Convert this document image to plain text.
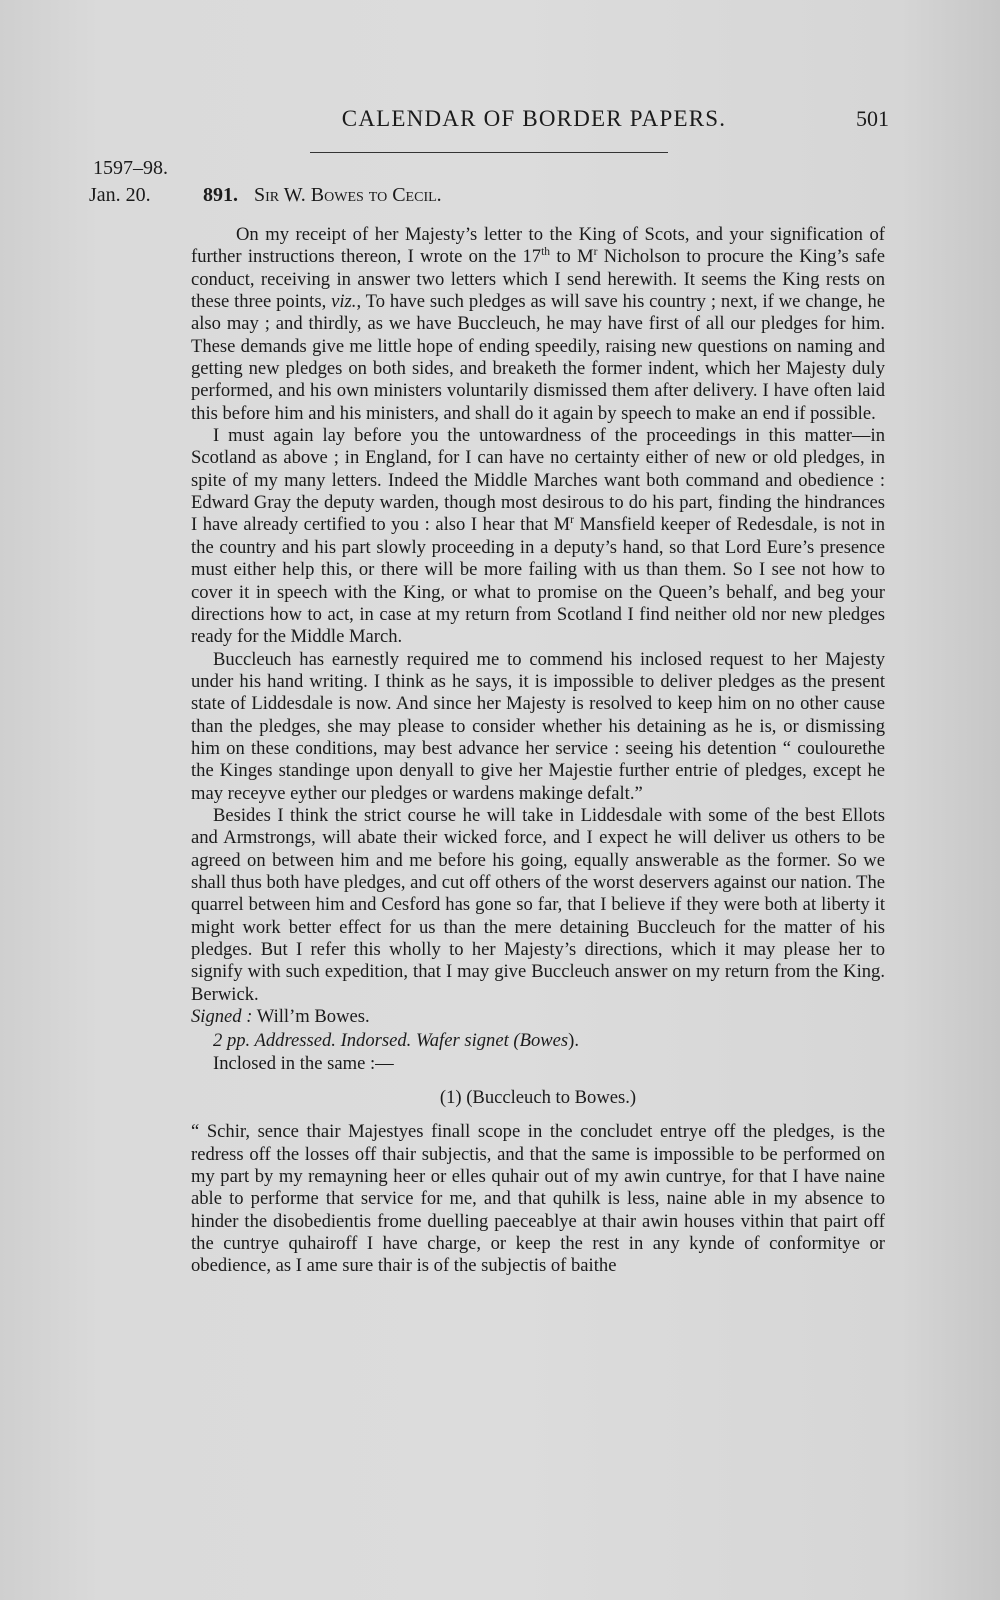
CALENDAR OF BORDER PAPERS.	501
1597–98.
Jan. 20.	891. Sir W. Bowes to Cecil.

On my receipt of her Majesty’s letter to the King of Scots, and your signification of further instructions thereon, I wrote on the 17th to $M^r$ Nicholson to procure the King’s safe conduct, receiving in answer two letters which I send herewith. It seems the King rests on these three points, viz., To have such pledges as will save his country ; next, if we change, he also may ; and thirdly, as we have Buccleuch, he may have first of all our pledges for him. These demands give me little hope of ending speedily, raising new questions on naming and getting new pledges on both sides, and breaketh the former indent, which her Majesty duly performed, and his own ministers voluntarily dismissed them after delivery. I have often laid this before him and his ministers, and shall do it again by speech to make an end if possible.

I must again lay before you the untowardness of the proceedings in this matter—in Scotland as above ; in England, for I can have no certainty either of new or old pledges, in spite of my many letters. Indeed the Middle Marches want both command and obedience : Edward Gray the deputy warden, though most desirous to do his part, finding the hindrances I have already certified to you : also I hear that $M^r$ Mansfield keeper of Redesdale, is not in the country and his part slowly proceeding in a deputy’s hand, so that Lord Eure’s presence must either help this, or there will be more failing with us than them. So I see not how to cover it in speech with the King, or what to promise on the Queen’s behalf, and beg your directions how to act, in case at my return from Scotland I find neither old nor new pledges ready for the Middle March.

Buccleuch has earnestly required me to commend his inclosed request to her Majesty under his hand writing. I think as he says, it is impossible to deliver pledges as the present state of Liddesdale is now. And since her Majesty is resolved to keep him on no other cause than the pledges, she may please to consider whether his detaining as he is, or dismissing him on these conditions, may best advance her service : seeing his detention “ coulourethe the Kinges standinge upon denyall to give her Majestie further entrie of pledges, except he may receyve eyther our pledges or wardens makinge defalt.”

Besides I think the strict course he will take in Liddesdale with some of the best Ellots and Armstrongs, will abate their wicked force, and I expect he will deliver us others to be agreed on between him and me before his going, equally answerable as the former. So we shall thus both have pledges, and cut off others of the worst deservers against our nation. The quarrel between him and Cesford has gone so far, that I believe if they were both at liberty it might work better effect for us than the mere detaining Buccleuch for the matter of his pledges. But I refer this wholly to her Majesty’s directions, which it may please her to signify with such expedition, that I may give Buccleuch answer on my return from the King. Berwick.

Signed : Will’m Bowes.

2 pp. Addressed. Indorsed. Wafer signet (Bowes).

Inclosed in the same :—

(1) (Buccleuch to Bowes.)

“ Schir, sence thair Majestyes finall scope in the concludet entrye off the pledges, is the redress off the losses off thair subjectis, and that the same is impossible to be performed on my part by my remayning heer or elles quhair out of my awin cuntrye, for that I have naine able to performe that service for me, and that quhilk is less, naine able in my absence to hinder the disobedientis frome duelling paeceablye at thair awin houses vithin that pairt off the cuntrye quhairoff I have charge, or keep the rest in any kynde of conformitye or obedience, as I ame sure thair is of the subjectis of baithe
